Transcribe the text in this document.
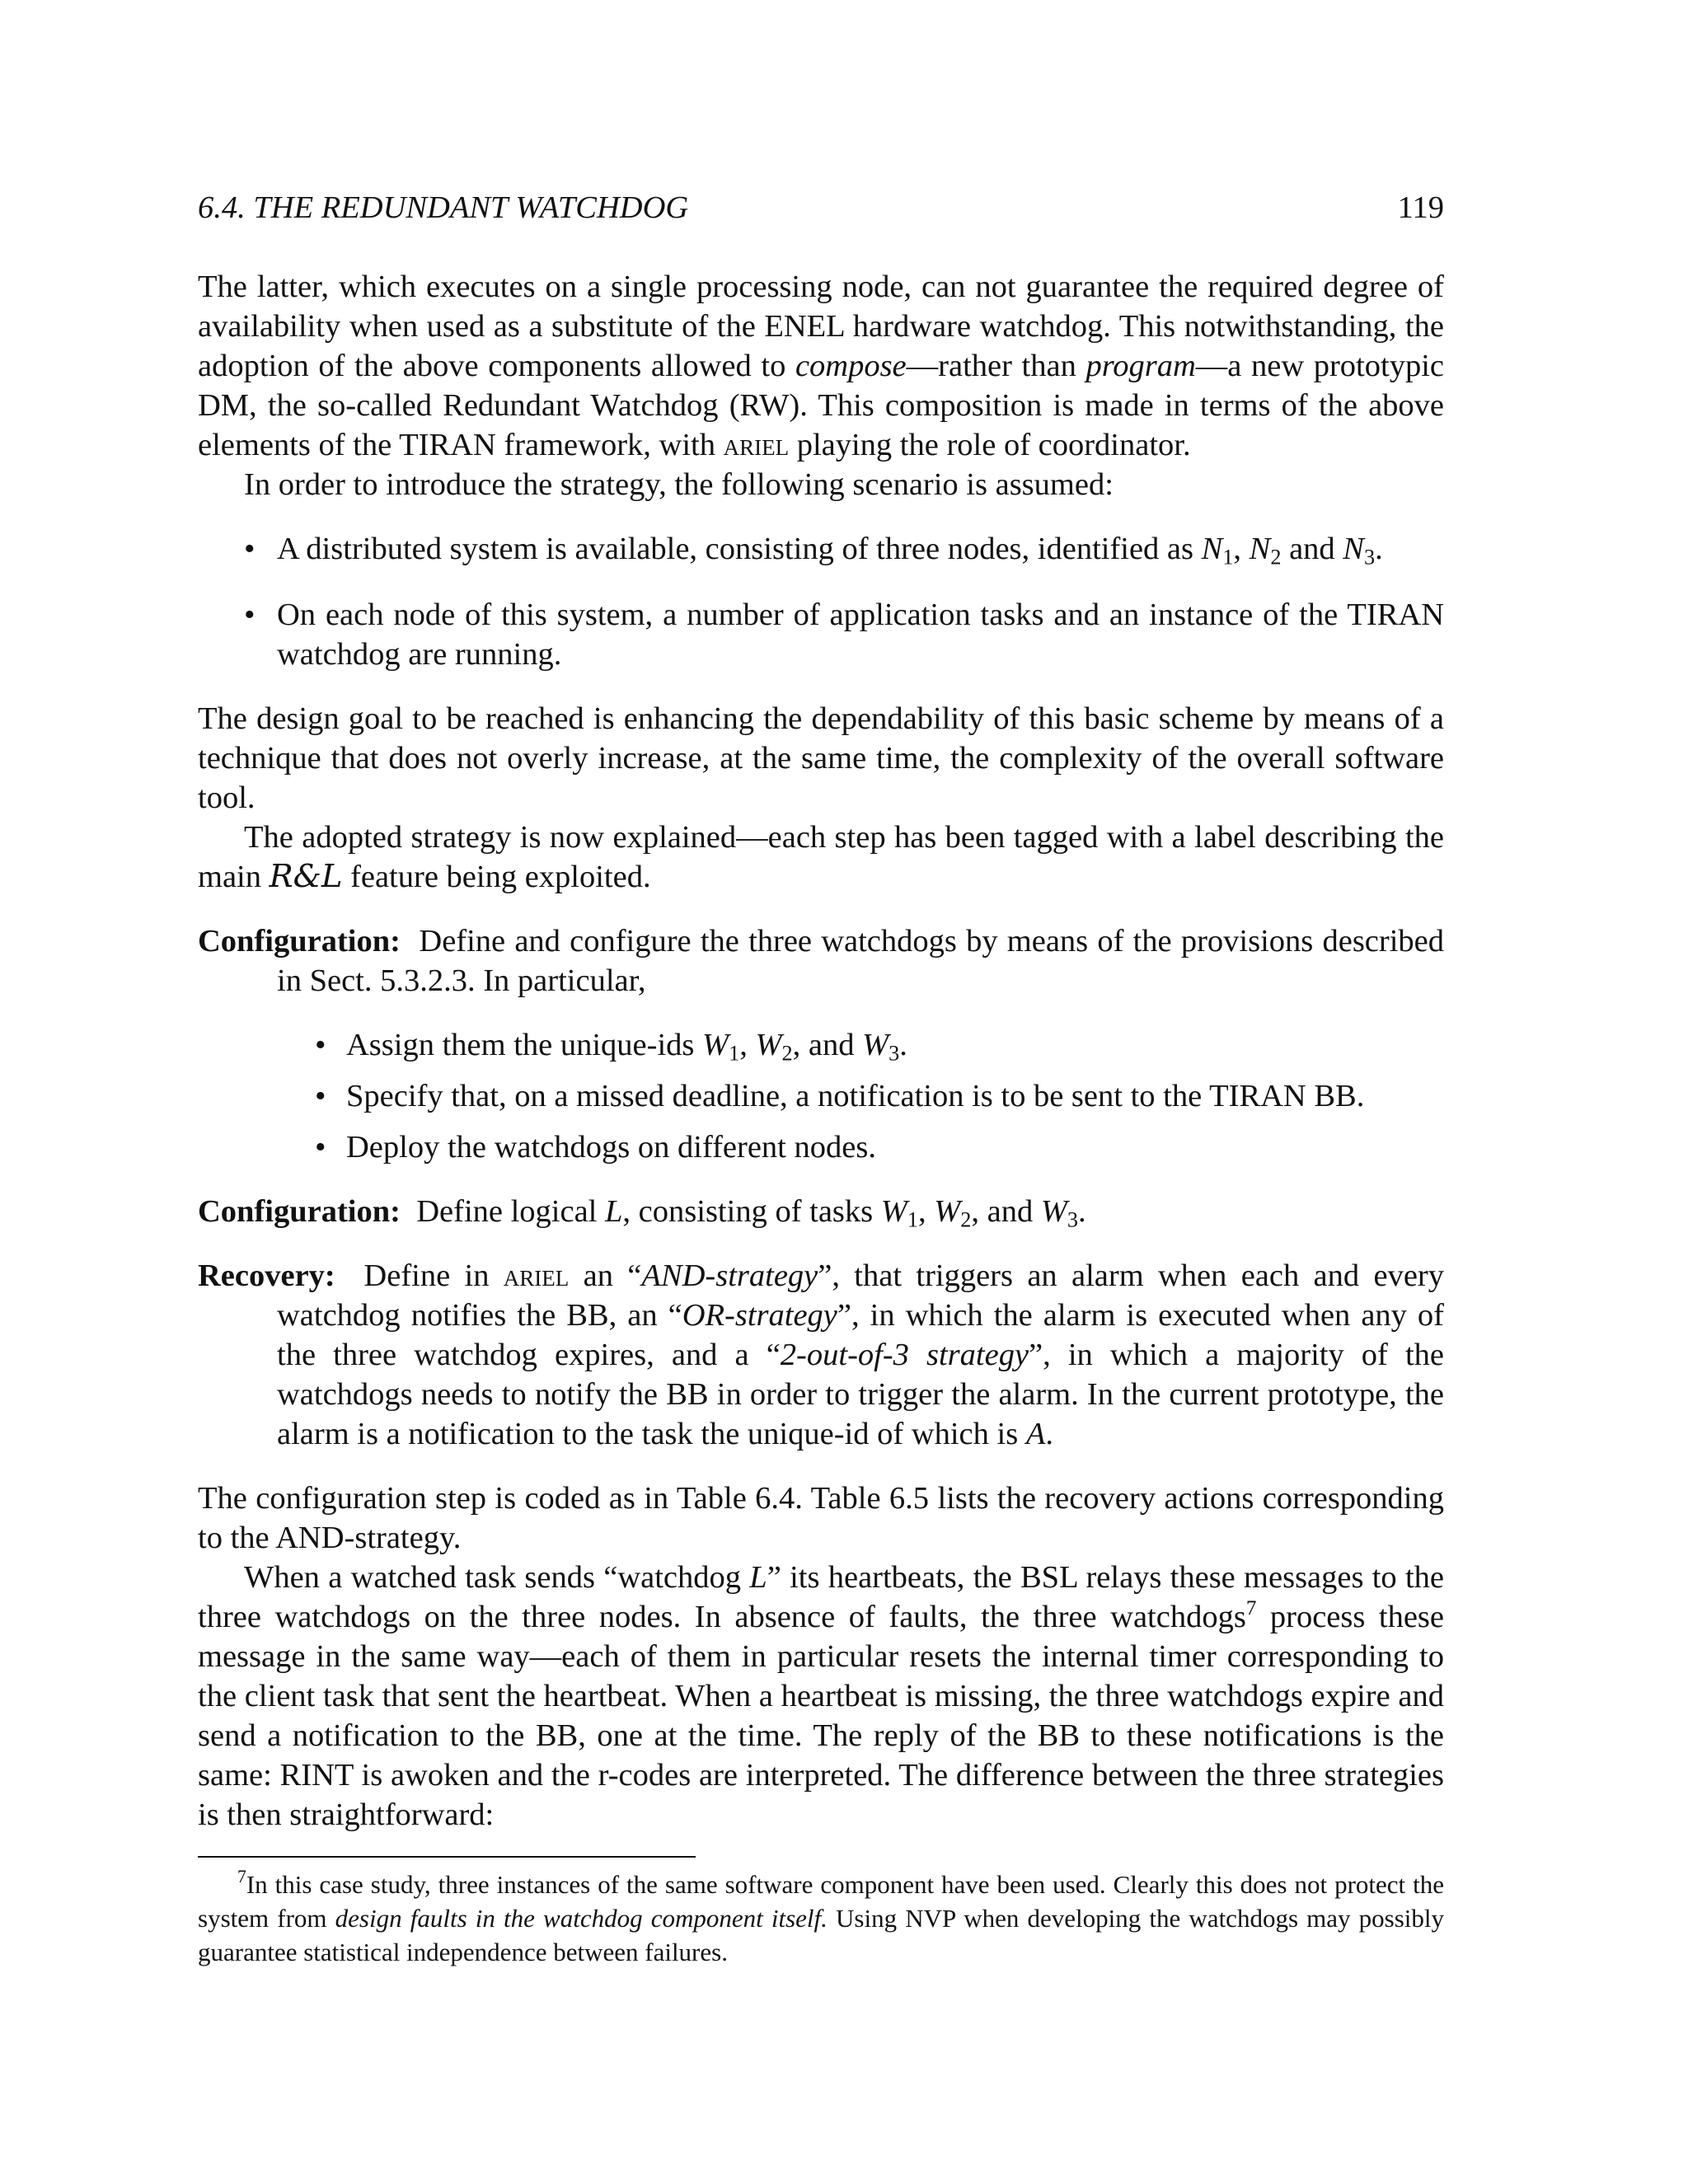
6.4. THE REDUNDANT WATCHDOG	119

The latter, which executes on a single processing node, can not guarantee the required degree of availability when used as a substitute of the ENEL hardware watchdog. This notwithstanding, the adoption of the above components allowed to compose—rather than program—a new prototypic DM, the so-called Redundant Watchdog (RW). This composition is made in terms of the above elements of the TIRAN framework, with ariel playing the role of coordinator.

In order to introduce the strategy, the following scenario is assumed:

• A distributed system is available, consisting of three nodes, identified as $N_1$, $N_2$ and $N_3$.
• On each node of this system, a number of application tasks and an instance of the TIRAN watchdog are running.

The design goal to be reached is enhancing the dependability of this basic scheme by means of a technique that does not overly increase, at the same time, the complexity of the overall software tool.

The adopted strategy is now explained—each step has been tagged with a label describing the main R&L feature being exploited.

Configuration: Define and configure the three watchdogs by means of the provisions described in Sect. 5.3.2.3. In particular,

• Assign them the unique-ids $W_1$, $W_2$, and $W_3$.
• Specify that, on a missed deadline, a notification is to be sent to the TIRAN BB.
• Deploy the watchdogs on different nodes.

Configuration: Define logical L, consisting of tasks $W_1$, $W_2$, and $W_3$.

Recovery: Define in ariel an “AND-strategy”, that triggers an alarm when each and every watchdog notifies the BB, an “OR-strategy”, in which the alarm is executed when any of the three watchdog expires, and a “2-out-of-3 strategy”, in which a majority of the watchdogs needs to notify the BB in order to trigger the alarm. In the current prototype, the alarm is a notification to the task the unique-id of which is A.

The configuration step is coded as in Table 6.4. Table 6.5 lists the recovery actions corresponding to the AND-strategy.

When a watched task sends “watchdog L” its heartbeats, the BSL relays these messages to the three watchdogs on the three nodes. In absence of faults, the three watchdogs$^7$ process these message in the same way—each of them in particular resets the internal timer corresponding to the client task that sent the heartbeat. When a heartbeat is missing, the three watchdogs expire and send a notification to the BB, one at the time. The reply of the BB to these notifications is the same: RINT is awoken and the r-codes are interpreted. The difference between the three strategies is then straightforward:

$^7$In this case study, three instances of the same software component have been used. Clearly this does not protect the system from design faults in the watchdog component itself. Using NVP when developing the watchdogs may possibly guarantee statistical independence between failures.
